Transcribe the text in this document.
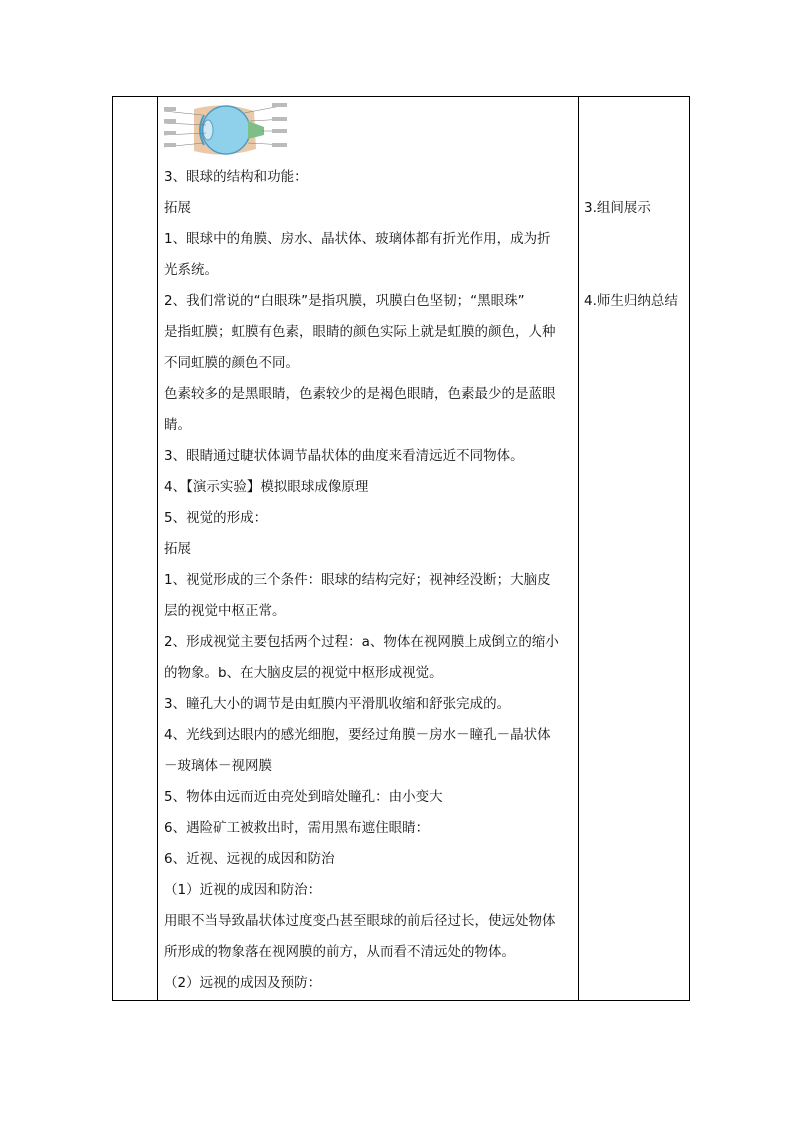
3、眼球的结构和功能：
拓展
1、眼球中的角膜、房水、晶状体、玻璃体都有折光作用，成为折
光系统。
2、我们常说的“白眼珠”是指巩膜，巩膜白色坚韧；“黑眼珠”
是指虹膜；虹膜有色素，眼睛的颜色实际上就是虹膜的颜色，人种
不同虹膜的颜色不同。
色素较多的是黑眼睛，色素较少的是褐色眼睛，色素最少的是蓝眼
睛。
3、眼睛通过睫状体调节晶状体的曲度来看清远近不同物体。
4、【演示实验】模拟眼球成像原理
5、视觉的形成：
拓展
1、视觉形成的三个条件：眼球的结构完好；视神经没断；大脑皮
层的视觉中枢正常。
2、形成视觉主要包括两个过程：a、物体在视网膜上成倒立的缩小
的物象。b、在大脑皮层的视觉中枢形成视觉。
3、瞳孔大小的调节是由虹膜内平滑肌收缩和舒张完成的。
4、光线到达眼内的感光细胞，要经过角膜－房水－瞳孔－晶状体
－玻璃体－视网膜
5、物体由远而近由亮处到暗处瞳孔：由小变大
6、遇险矿工被救出时，需用黑布遮住眼睛：
6、近视、远视的成因和防治
（1）近视的成因和防治：
用眼不当导致晶状体过度变凸甚至眼球的前后径过长，使远处物体
所形成的物象落在视网膜的前方，从而看不清远处的物体。
（2）远视的成因及预防：
3.组间展示
4.师生归纳总结
